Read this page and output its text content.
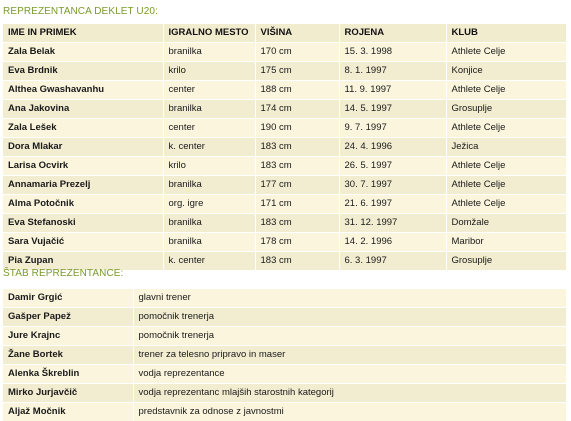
REPREZENTANCA DEKLET U20:
IME IN PRIMEK	IGRALNO MESTO	VIŠINA	ROJENA	KLUB
Zala Belak	branilka	170 cm	15. 3. 1998	Athlete Celje
Eva Brdnik	krilo	175 cm	8. 1. 1997	Konjice
Althea Gwashavanhu	center	188 cm	11. 9. 1997	Athlete Celje
Ana Jakovina	branilka	174 cm	14. 5. 1997	Grosuplje
Zala Lešek	center	190 cm	9. 7. 1997	Athlete Celje
Dora Mlakar	k. center	183 cm	24. 4. 1996	Ježica
Larisa Ocvirk	krilo	183 cm	26. 5. 1997	Athlete Celje
Annamaria Prezelj	branilka	177 cm	30. 7. 1997	Athlete Celje
Alma Potočnik	org. igre	171 cm	21. 6. 1997	Athlete Celje
Eva Stefanoski	branilka	183 cm	31. 12. 1997	Domžale
Sara Vujačić	branilka	178 cm	14. 2. 1996	Maribor
Pia Zupan	k. center	183 cm	6. 3. 1997	Grosuplje
ŠTAB REPREZENTANCE:
Damir Grgić	glavni trener
Gašper Papež	pomočnik trenerja
Jure Krajnc	pomočnik trenerja
Žane Bortek	trener za telesno pripravo in maser
Alenka Škreblin	vodja reprezentance
Mirko Jurjavčič	vodja reprezentanc mlajših starostnih kategorij
Aljaž Močnik	predstavnik za odnose z javnostmi
